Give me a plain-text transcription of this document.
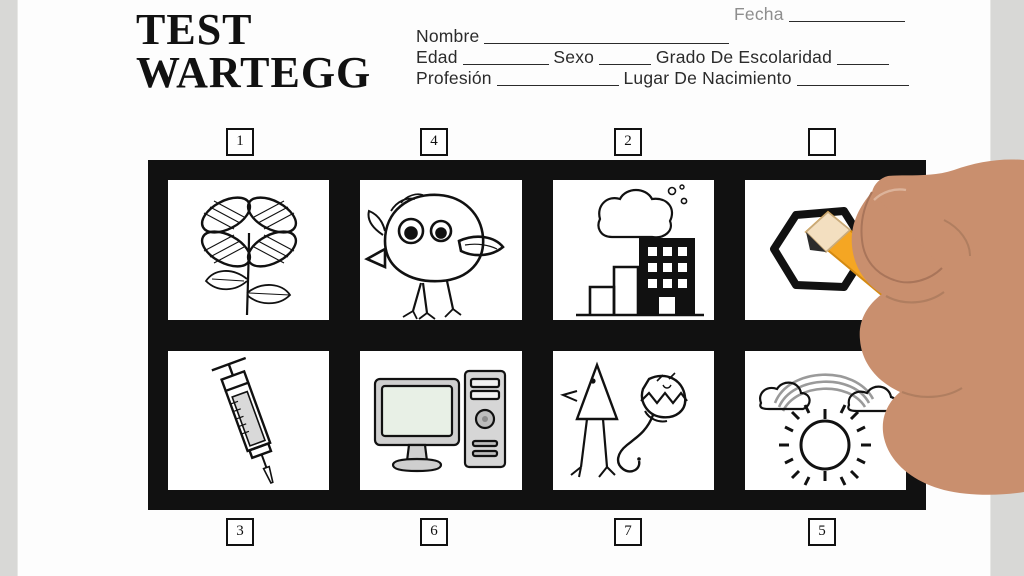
TEST
WARTEGG
Fecha
Nombre
Edad	Sexo	Grado De Escolaridad
Profesión	Lugar De Nacimiento
1	4	2
3	6	7	5
